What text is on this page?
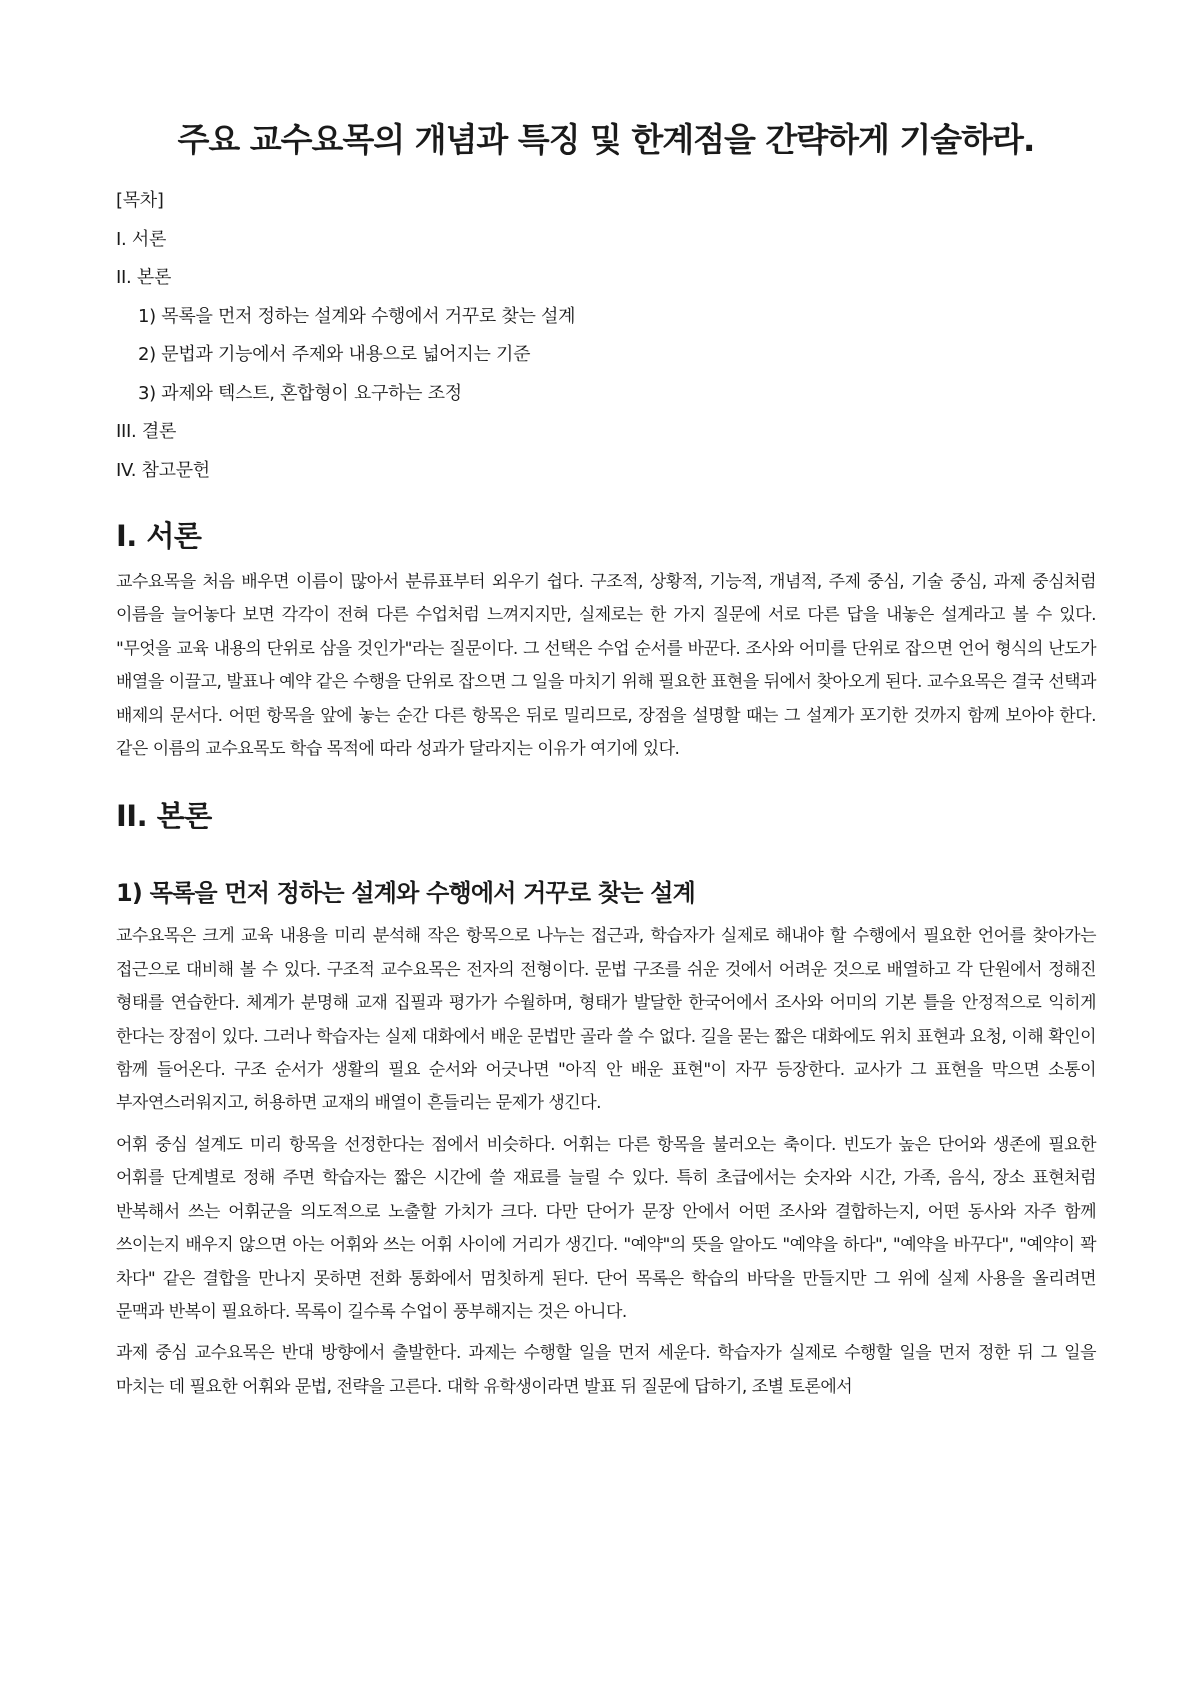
주요 교수요목의 개념과 특징 및 한계점을 간략하게 기술하라.
[목차]
I. 서론
II. 본론
1) 목록을 먼저 정하는 설계와 수행에서 거꾸로 찾는 설계
2) 문법과 기능에서 주제와 내용으로 넓어지는 기준
3) 과제와 텍스트, 혼합형이 요구하는 조정
III. 결론
IV. 참고문헌
I. 서론

교수요목을 처음 배우면 이름이 많아서 분류표부터 외우기 쉽다. 구조적, 상황적, 기능적, 개념적, 주제 중심, 기술 중심, 과제 중심처럼 이름을 늘어놓다 보면 각각이 전혀 다른 수업처럼 느껴지지만, 실제로는 한 가지 질문에 서로 다른 답을 내놓은 설계라고 볼 수 있다. "무엇을 교육 내용의 단위로 삼을 것인가"라는 질문이다. 그 선택은 수업 순서를 바꾼다. 조사와 어미를 단위로 잡으면 언어 형식의 난도가 배열을 이끌고, 발표나 예약 같은 수행을 단위로 잡으면 그 일을 마치기 위해 필요한 표현을 뒤에서 찾아오게 된다. 교수요목은 결국 선택과 배제의 문서다. 어떤 항목을 앞에 놓는 순간 다른 항목은 뒤로 밀리므로, 장점을 설명할 때는 그 설계가 포기한 것까지 함께 보아야 한다. 같은 이름의 교수요목도 학습 목적에 따라 성과가 달라지는 이유가 여기에 있다.

II. 본론
1) 목록을 먼저 정하는 설계와 수행에서 거꾸로 찾는 설계

교수요목은 크게 교육 내용을 미리 분석해 작은 항목으로 나누는 접근과, 학습자가 실제로 해내야 할 수행에서 필요한 언어를 찾아가는 접근으로 대비해 볼 수 있다. 구조적 교수요목은 전자의 전형이다. 문법 구조를 쉬운 것에서 어려운 것으로 배열하고 각 단원에서 정해진 형태를 연습한다. 체계가 분명해 교재 집필과 평가가 수월하며, 형태가 발달한 한국어에서 조사와 어미의 기본 틀을 안정적으로 익히게 한다는 장점이 있다. 그러나 학습자는 실제 대화에서 배운 문법만 골라 쓸 수 없다. 길을 묻는 짧은 대화에도 위치 표현과 요청, 이해 확인이 함께 들어온다. 구조 순서가 생활의 필요 순서와 어긋나면 "아직 안 배운 표현"이 자꾸 등장한다. 교사가 그 표현을 막으면 소통이 부자연스러워지고, 허용하면 교재의 배열이 흔들리는 문제가 생긴다.

어휘 중심 설계도 미리 항목을 선정한다는 점에서 비슷하다. 어휘는 다른 항목을 불러오는 축이다. 빈도가 높은 단어와 생존에 필요한 어휘를 단계별로 정해 주면 학습자는 짧은 시간에 쓸 재료를 늘릴 수 있다. 특히 초급에서는 숫자와 시간, 가족, 음식, 장소 표현처럼 반복해서 쓰는 어휘군을 의도적으로 노출할 가치가 크다. 다만 단어가 문장 안에서 어떤 조사와 결합하는지, 어떤 동사와 자주 함께 쓰이는지 배우지 않으면 아는 어휘와 쓰는 어휘 사이에 거리가 생긴다. "예약"의 뜻을 알아도 "예약을 하다", "예약을 바꾸다", "예약이 꽉 차다" 같은 결합을 만나지 못하면 전화 통화에서 멈칫하게 된다. 단어 목록은 학습의 바닥을 만들지만 그 위에 실제 사용을 올리려면 문맥과 반복이 필요하다. 목록이 길수록 수업이 풍부해지는 것은 아니다.

과제 중심 교수요목은 반대 방향에서 출발한다. 과제는 수행할 일을 먼저 세운다. 학습자가 실제로 수행할 일을 먼저 정한 뒤 그 일을 마치는 데 필요한 어휘와 문법, 전략을 고른다. 대학 유학생이라면 발표 뒤 질문에 답하기, 조별 토론에서
